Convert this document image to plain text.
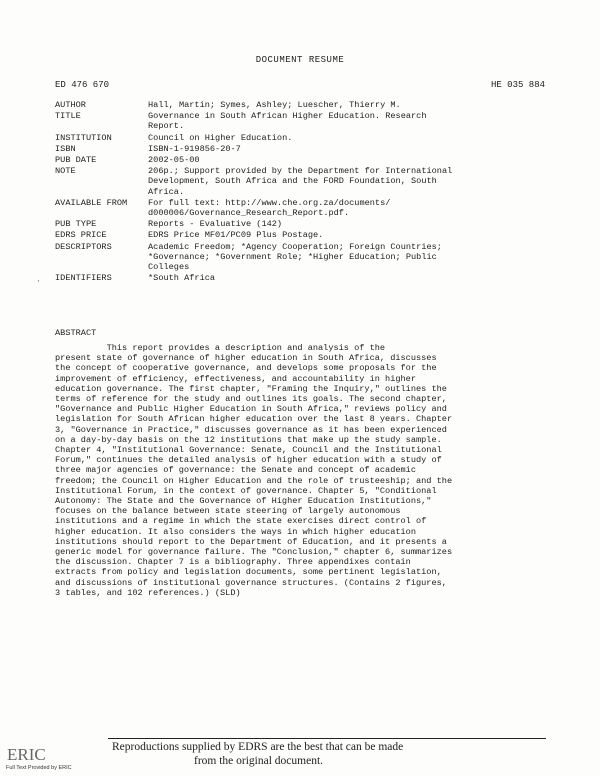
DOCUMENT RESUME
ED 476 670	HE 035 884
AUTHOR	Hall, Martin; Symes, Ashley; Luescher, Thierry M.
TITLE	Governance in South African Higher Education. Research
Report.
INSTITUTION	Council on Higher Education.
ISBN	ISBN-1-919856-20-7
PUB DATE	2002-05-00
NOTE	206p.; Support provided by the Department for International
Development, South Africa and the FORD Foundation, South
Africa.
AVAILABLE FROM	For full text: http://www.che.org.za/documents/
d000006/Governance_Research_Report.pdf.
PUB TYPE	Reports - Evaluative (142)
EDRS PRICE	EDRS Price MF01/PC09 Plus Postage.
DESCRIPTORS	Academic Freedom; *Agency Cooperation; Foreign Countries;
*Governance; *Government Role; *Higher Education; Public
Colleges
IDENTIFIERS	*South Africa
·
ABSTRACT
This report provides a description and analysis of the
present state of governance of higher education in South Africa, discusses
the concept of cooperative governance, and develops some proposals for the
improvement of efficiency, effectiveness, and accountability in higher
education governance. The first chapter, "Framing the Inquiry," outlines the
terms of reference for the study and outlines its goals. The second chapter,
"Governance and Public Higher Education in South Africa," reviews policy and
legislation for South African higher education over the last 8 years. Chapter
3, "Governance in Practice," discusses governance as it has been experienced
on a day-by-day basis on the 12 institutions that make up the study sample.
Chapter 4, "Institutional Governance: Senate, Council and the Institutional
Forum," continues the detailed analysis of higher education with a study of
three major agencies of governance: the Senate and concept of academic
freedom; the Council on Higher Education and the role of trusteeship; and the
Institutional Forum, in the context of governance. Chapter 5, "Conditional
Autonomy: The State and the Governance of Higher Education Institutions,"
focuses on the balance between state steering of largely autonomous
institutions and a regime in which the state exercises direct control of
higher education. It also considers the ways in which higher education
institutions should report to the Department of Education, and it presents a
generic model for governance failure. The "Conclusion," chapter 6, summarizes
the discussion. Chapter 7 is a bibliography. Three appendixes contain
extracts from policy and legislation documents, some pertinent legislation,
and discussions of institutional governance structures. (Contains 2 figures,
3 tables, and 102 references.) (SLD)
Reproductions supplied by EDRS are the best that can be made
from the original document.
ERIC
Full Text Provided by ERIC
